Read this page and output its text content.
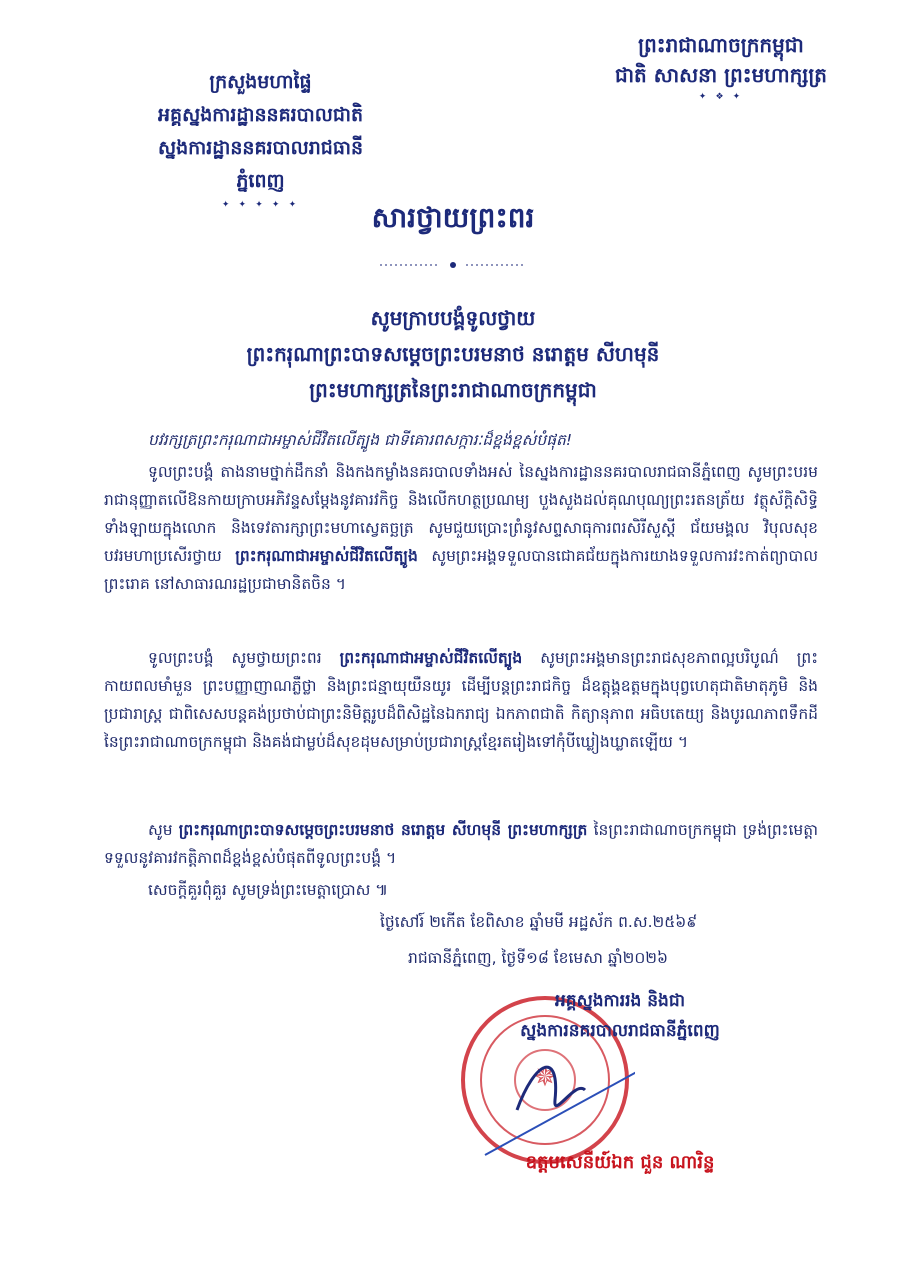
ព្រះរាជាណាចក្រកម្ពុជា
ជាតិ សាសនា ព្រះមហាក្សត្រ
✦ ❖ ✦
ក្រសួងមហាផ្ទៃ
អគ្គស្នងការដ្ឋាននគរបាលជាតិ
ស្នងការដ្ឋាននគរបាលរាជធានីភ្នំពេញ
✦ ✦ ✦ ✦ ✦	សារថ្វាយព្រះពរ
សូមក្រាបបង្គំទូលថ្វាយ
ព្រះករុណាព្រះបាទសម្តេចព្រះបរមនាថ នរោត្តម សីហមុនី
ព្រះមហាក្សត្រនៃព្រះរាជាណាចក្រកម្ពុជា
បវរក្សត្រព្រះករុណាជាអម្ចាស់ជីវិតលើត្បូង ជាទីគោរពសក្ការៈដ៏ខ្ពង់ខ្ពស់បំផុត!
ទូលព្រះបង្គំ តាងនាមថ្នាក់ដឹកនាំ និងកងកម្លាំងនគរបាលទាំងអស់ នៃស្នងការដ្ឋាននគរបាលរាជធានីភ្នំពេញ សូមព្រះបរមរាជានុញ្ញាតលើឱនកាយក្រាបអភិវន្ទសម្តែងនូវគារវកិច្ច និងលើកហត្ថប្រណម្យ បួងសួងដល់គុណបុណ្យព្រះរតនត្រ័យ វត្ថុស័ក្តិសិទ្ធិទាំងឡាយក្នុងលោក និងទេវតារក្សាព្រះមហាស្វេតច្ឆត្រ សូមជួយប្រោះព្រំនូវសព្ទសាធុការពរសិរីសួស្តី ជ័យមង្គល វិបុលសុខ បវរមហាប្រសើរថ្វាយ ព្រះករុណាជាអម្ចាស់ជីវិតលើត្បូង សូមព្រះអង្គទទួលបានជោគជ័យក្នុងការយាងទទួលការវះកាត់ព្យាបាលព្រះរោគ នៅសាធារណរដ្ឋប្រជាមានិតចិន ។
ទូលព្រះបង្គំ សូមថ្វាយព្រះពរ ព្រះករុណាជាអម្ចាស់ជីវិតលើត្បូង សូមព្រះអង្គមានព្រះរាជសុខភាពល្អបរិបូណ៌ ព្រះកាយពលមាំមួន ព្រះបញ្ញាញាណភ្លឺថ្លា និងព្រះជន្មាយុយឺនយូរ ដើម្បីបន្តព្រះរាជកិច្ច ដ៏ឧត្តុង្គឧត្តមក្នុងបុព្វហេតុជាតិមាតុភូមិ និងប្រជារាស្ត្រ ជាពិសេសបន្តគង់ប្រថាប់ជាព្រះនិមិត្តរូបដ៏ពិសិដ្ឋនៃឯករាជ្យ ឯកភាពជាតិ កិត្យានុភាព អធិបតេយ្យ និងបូរណភាពទឹកដីនៃព្រះរាជាណាចក្រកម្ពុជា និងគង់ជាម្លប់ដ៏សុខដុមសម្រាប់ប្រជារាស្ត្រខ្មែរតរៀងទៅកុំបីឃ្លៀងឃ្លាតឡើយ ។
សូម ព្រះករុណាព្រះបាទសម្តេចព្រះបរមនាថ នរោត្តម សីហមុនី ព្រះមហាក្សត្រ នៃព្រះរាជាណាចក្រកម្ពុជា ទ្រង់ព្រះមេត្តាទទួលនូវគារវកត្តិភាពដ៏ខ្ពង់ខ្ពស់បំផុតពីទូលព្រះបង្គំ ។
សេចក្តីគួរពុំគួរ សូមទ្រង់ព្រះមេត្តាប្រោស ៕
ថ្ងៃសៅរ៍ ២កើត ខែពិសាខ ឆ្នាំមមី អដ្ឋស័ក ព.ស.២៥៦៩
រាជធានីភ្នំពេញ, ថ្ងៃទី១៨ ខែមេសា ឆ្នាំ២០២៦
✵
អគ្គស្នងការរង និងជា
ស្នងការនគរបាលរាជធានីភ្នំពេញ
ឧត្តមសេនីយ៍ឯក ជួន ណារិន្ទ
